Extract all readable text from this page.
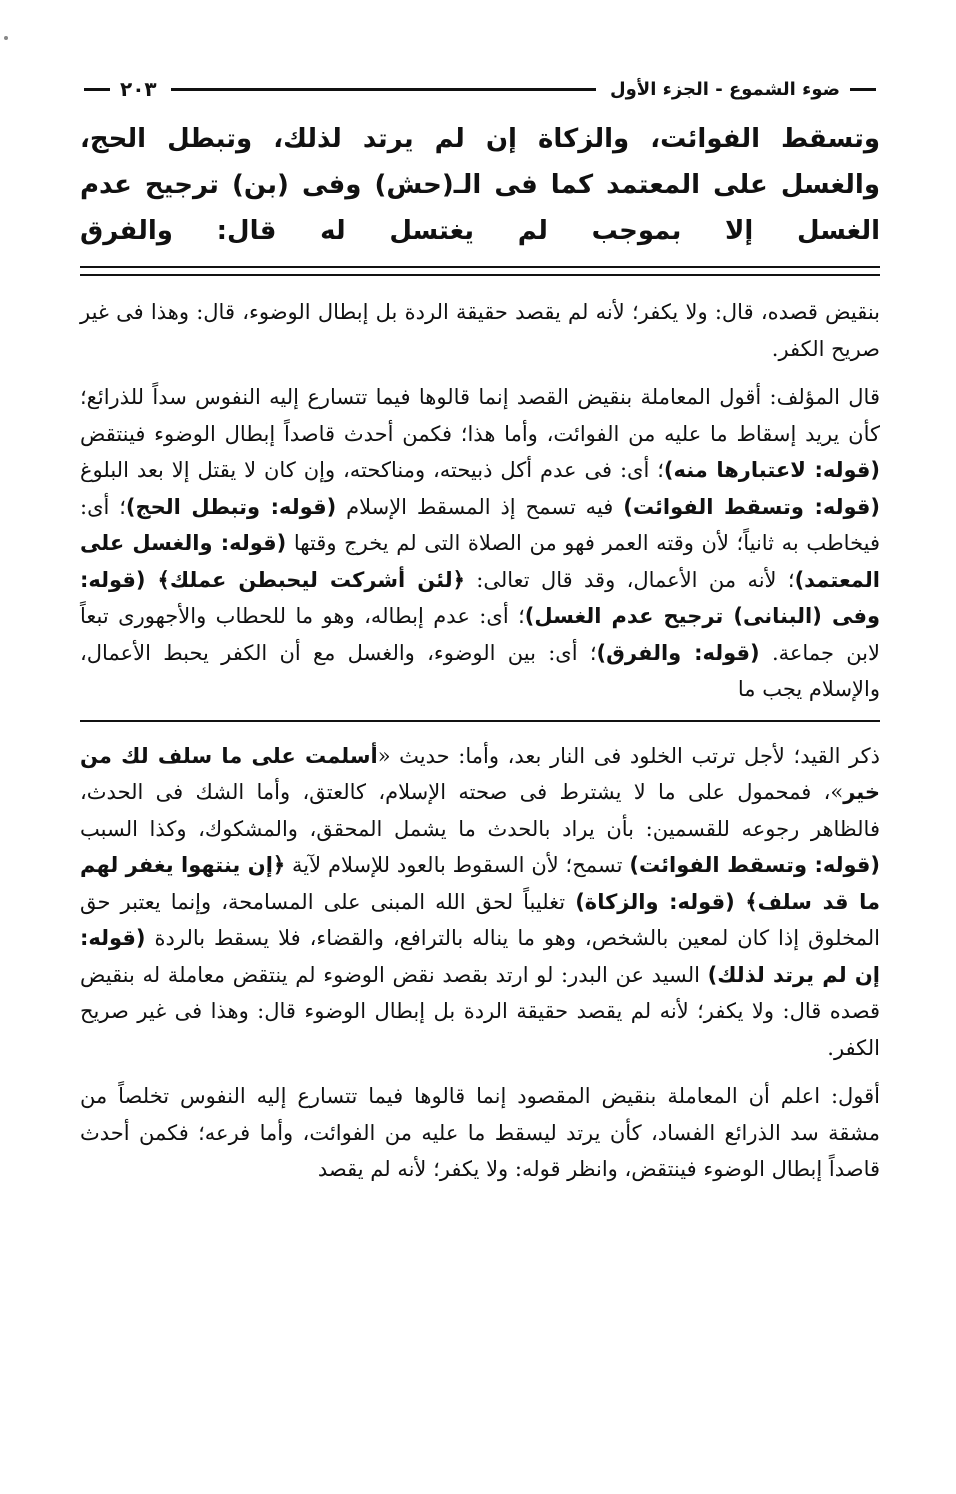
ضوء الشموع - الجزء الأول
٢٠٣
وتسقط الفوائت، والزكاة إن لم يرتد لذلك، وتبطل الحج، والغسل على المعتمد كما فى الـ(حش) وفى (بن) ترجيح عدم الغسل إلا بموجب لم يغتسل له قال: والفرق

بنقيض قصده، قال: ولا يكفر؛ لأنه لم يقصد حقيقة الردة بل إبطال الوضوء، قال: وهذا فى غير صريح الكفر.

قال المؤلف: أقول المعاملة بنقيض القصد إنما قالوها فيما تتسارع إليه النفوس سداً للذرائع؛ كأن يريد إسقاط ما عليه من الفوائت، وأما هذا؛ فكمن أحدث قاصداً إبطال الوضوء فينتقض (قوله: لاعتبارها منه)؛ أى: فى عدم أكل ذبيحته، ومناكحته، وإن كان لا يقتل إلا بعد البلوغ (قوله: وتسقط الفوائت) فيه تسمح إذ المسقط الإسلام (قوله: وتبطل الحج)؛ أى: فيخاطب به ثانياً؛ لأن وقته العمر فهو من الصلاة التى لم يخرج وقتها (قوله: والغسل على المعتمد)؛ لأنه من الأعمال، وقد قال تعالى: ﴿لئن أشركت ليحبطن عملك﴾ (قوله: وفى (البنانى) ترجيح عدم الغسل)؛ أى: عدم إبطاله، وهو ما للحطاب والأجهورى تبعاً لابن جماعة. (قوله: والفرق)؛ أى: بين الوضوء، والغسل مع أن الكفر يحبط الأعمال، والإسلام يجب ما

ذكر القيد؛ لأجل ترتب الخلود فى النار بعد، وأما: حديث «أسلمت على ما سلف لك من خير»، فمحمول على ما لا يشترط فى صحته الإسلام، كالعتق، وأما الشك فى الحدث، فالظاهر رجوعه للقسمين: بأن يراد بالحدث ما يشمل المحقق، والمشكوك، وكذا السبب (قوله: وتسقط الفوائت) تسمح؛ لأن السقوط بالعود للإسلام لآية ﴿إن ينتهوا يغفر لهم ما قد سلف﴾ (قوله: والزكاة) تغليباً لحق الله المبنى على المسامحة، وإنما يعتبر حق المخلوق إذا كان لمعين بالشخص، وهو ما يناله بالترافع، والقضاء، فلا يسقط بالردة (قوله: إن لم يرتد لذلك) السيد عن البدر: لو ارتد بقصد نقض الوضوء لم ينتقض معاملة له بنقيض قصده قال: ولا يكفر؛ لأنه لم يقصد حقيقة الردة بل إبطال الوضوء قال: وهذا فى غير صريح الكفر.

أقول: اعلم أن المعاملة بنقيض المقصود إنما قالوها فيما تتسارع إليه النفوس تخلصاً من مشقة سد الذرائع الفساد، كأن يرتد ليسقط ما عليه من الفوائت، وأما فرعه؛ فكمن أحدث قاصداً إبطال الوضوء فينتقض، وانظر قوله: ولا يكفر؛ لأنه لم يقصد
